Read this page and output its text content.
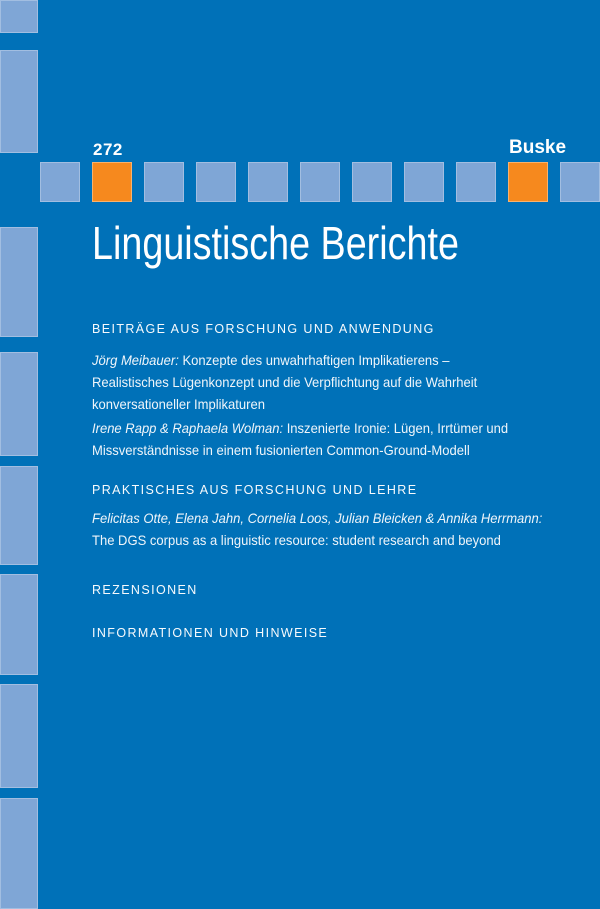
272	Buske
Linguistische Berichte
BEITRÄGE AUS FORSCHUNG UND ANWENDUNG
Jörg Meibauer: Konzepte des unwahrhaftigen Implikatierens –
Realistisches Lügenkonzept und die Verpflichtung auf die Wahrheit
konversationeller Implikaturen
Irene Rapp & Raphaela Wolman: Inszenierte Ironie: Lügen, Irrtümer und
Missverständnisse in einem fusionierten Common-Ground-Modell
PRAKTISCHES AUS FORSCHUNG UND LEHRE
Felicitas Otte, Elena Jahn, Cornelia Loos, Julian Bleicken & Annika Herrmann:
The DGS corpus as a linguistic resource: student research and beyond
REZENSIONEN
INFORMATIONEN UND HINWEISE
